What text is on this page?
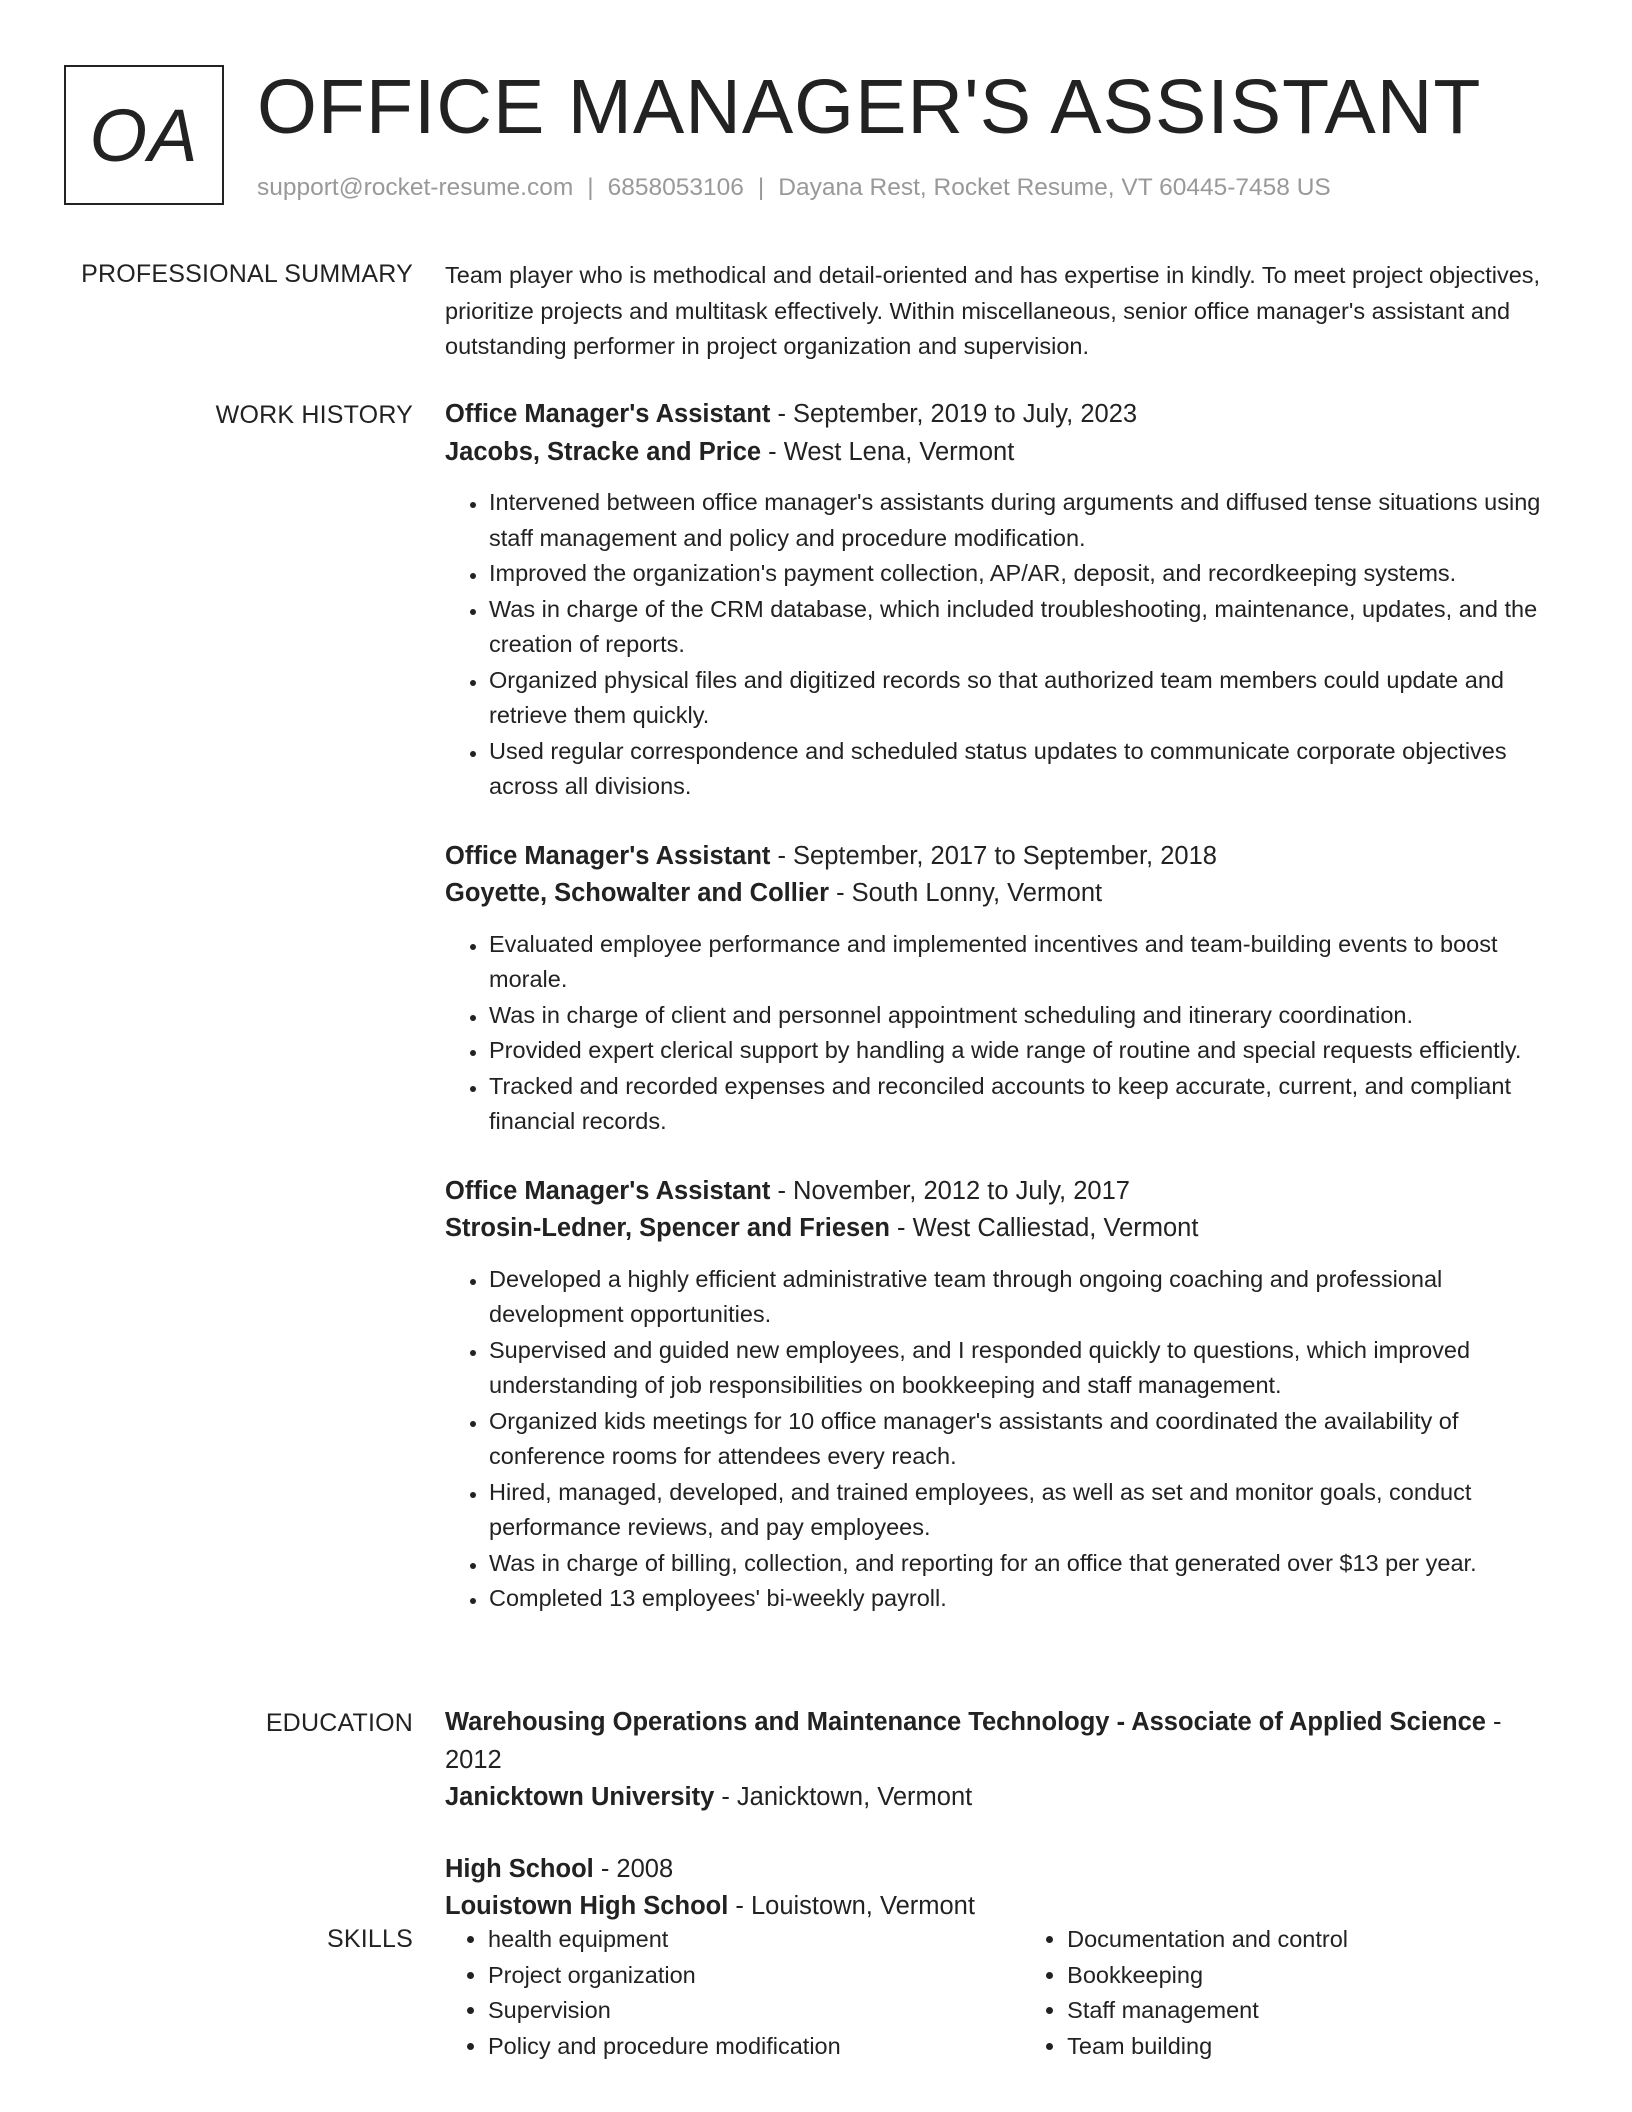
OA OFFICE MANAGER'S ASSISTANT
support@rocket-resume.com | 6858053106 | Dayana Rest, Rocket Resume, VT 60445-7458 US
PROFESSIONAL SUMMARY Team player who is methodical and detail-oriented and has expertise in kindly. To meet project objectives, prioritize projects and multitask effectively. Within miscellaneous, senior office manager's assistant and outstanding performer in project organization and supervision.
WORK HISTORY Office Manager's Assistant - September, 2019 to July, 2023
Jacobs, Stracke and Price - West Lena, Vermont
• Intervened between office manager's assistants during arguments and diffused tense situations using staff management and policy and procedure modification.
• Improved the organization's payment collection, AP/AR, deposit, and recordkeeping systems.
• Was in charge of the CRM database, which included troubleshooting, maintenance, updates, and the creation of reports.
• Organized physical files and digitized records so that authorized team members could update and retrieve them quickly.
• Used regular correspondence and scheduled status updates to communicate corporate objectives across all divisions.
Office Manager's Assistant - September, 2017 to September, 2018
Goyette, Schowalter and Collier - South Lonny, Vermont
• Evaluated employee performance and implemented incentives and team-building events to boost morale.
• Was in charge of client and personnel appointment scheduling and itinerary coordination.
• Provided expert clerical support by handling a wide range of routine and special requests efficiently.
• Tracked and recorded expenses and reconciled accounts to keep accurate, current, and compliant financial records.
Office Manager's Assistant - November, 2012 to July, 2017
Strosin-Ledner, Spencer and Friesen - West Calliestad, Vermont
• Developed a highly efficient administrative team through ongoing coaching and professional development opportunities.
• Supervised and guided new employees, and I responded quickly to questions, which improved understanding of job responsibilities on bookkeeping and staff management.
• Organized kids meetings for 10 office manager's assistants and coordinated the availability of conference rooms for attendees every reach.
• Hired, managed, developed, and trained employees, as well as set and monitor goals, conduct performance reviews, and pay employees.
• Was in charge of billing, collection, and reporting for an office that generated over $13 per year.
• Completed 13 employees' bi-weekly payroll.
EDUCATION Warehousing Operations and Maintenance Technology - Associate of Applied Science - 2012
Janicktown University - Janicktown, Vermont
High School - 2008
Louistown High School - Louistown, Vermont
SKILLS
•	health equipment
• Project organization
• Supervision
• Policy and procedure modification
• Documentation and control
• Bookkeeping
• Staff management
• Team building
